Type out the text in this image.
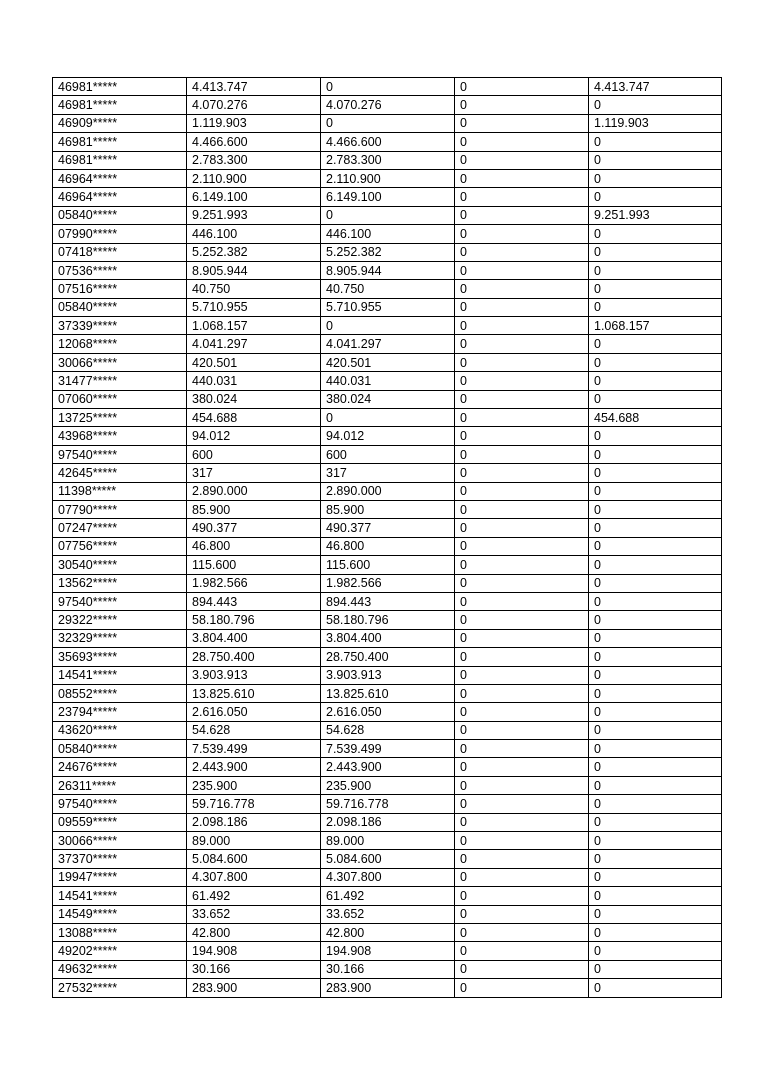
46981*****	4.413.747	0	0	4.413.747
46981*****	4.070.276	4.070.276	0	0
46909*****	1.119.903	0	0	1.119.903
46981*****	4.466.600	4.466.600	0	0
46981*****	2.783.300	2.783.300	0	0
46964*****	2.110.900	2.110.900	0	0
46964*****	6.149.100	6.149.100	0	0
05840*****	9.251.993	0	0	9.251.993
07990*****	446.100	446.100	0	0
07418*****	5.252.382	5.252.382	0	0
07536*****	8.905.944	8.905.944	0	0
07516*****	40.750	40.750	0	0
05840*****	5.710.955	5.710.955	0	0
37339*****	1.068.157	0	0	1.068.157
12068*****	4.041.297	4.041.297	0	0
30066*****	420.501	420.501	0	0
31477*****	440.031	440.031	0	0
07060*****	380.024	380.024	0	0
13725*****	454.688	0	0	454.688
43968*****	94.012	94.012	0	0
97540*****	600	600	0	0
42645*****	317	317	0	0
11398*****	2.890.000	2.890.000	0	0
07790*****	85.900	85.900	0	0
07247*****	490.377	490.377	0	0
07756*****	46.800	46.800	0	0
30540*****	115.600	115.600	0	0
13562*****	1.982.566	1.982.566	0	0
97540*****	894.443	894.443	0	0
29322*****	58.180.796	58.180.796	0	0
32329*****	3.804.400	3.804.400	0	0
35693*****	28.750.400	28.750.400	0	0
14541*****	3.903.913	3.903.913	0	0
08552*****	13.825.610	13.825.610	0	0
23794*****	2.616.050	2.616.050	0	0
43620*****	54.628	54.628	0	0
05840*****	7.539.499	7.539.499	0	0
24676*****	2.443.900	2.443.900	0	0
26311*****	235.900	235.900	0	0
97540*****	59.716.778	59.716.778	0	0
09559*****	2.098.186	2.098.186	0	0
30066*****	89.000	89.000	0	0
37370*****	5.084.600	5.084.600	0	0
19947*****	4.307.800	4.307.800	0	0
14541*****	61.492	61.492	0	0
14549*****	33.652	33.652	0	0
13088*****	42.800	42.800	0	0
49202*****	194.908	194.908	0	0
49632*****	30.166	30.166	0	0
27532*****	283.900	283.900	0	0
